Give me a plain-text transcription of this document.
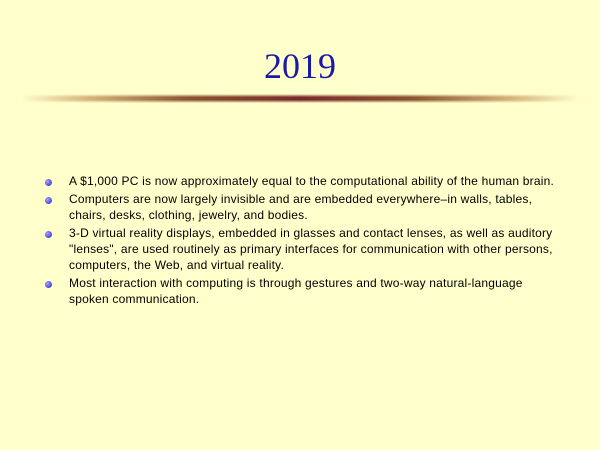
2019
A $1,000 PC is now approximately equal to the computational ability of the human brain.
Computers are now largely invisible and are embedded everywhere–in walls, tables, chairs, desks, clothing, jewelry, and bodies.
3-D virtual reality displays, embedded in glasses and contact lenses, as well as auditory "lenses", are used routinely as primary interfaces for communication with other persons, computers, the Web, and virtual reality.
Most interaction with computing is through gestures and two-way natural-language spoken communication.
